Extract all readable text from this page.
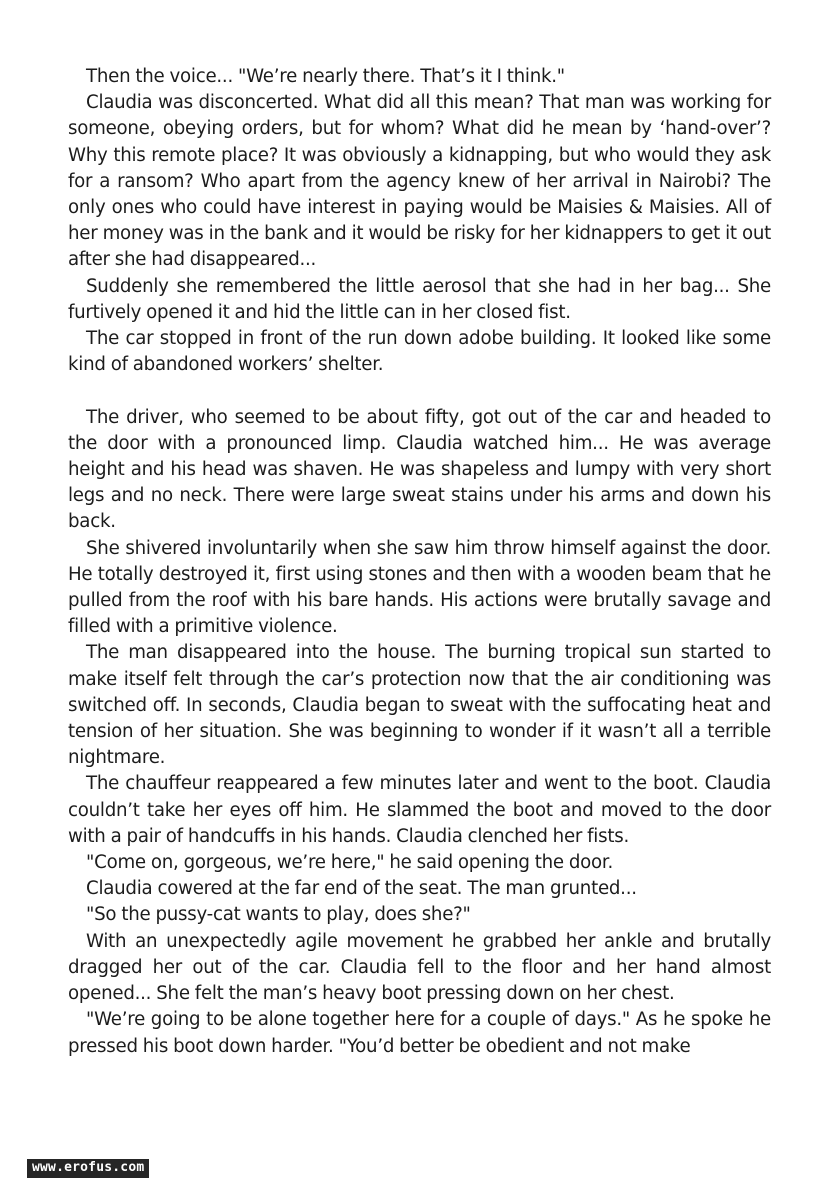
Then the voice... "We’re nearly there. That’s it I think."

Claudia was disconcerted. What did all this mean? That man was working for someone, obeying orders, but for whom? What did he mean by ‘hand-over’? Why this remote place? It was obviously a kidnapping, but who would they ask for a ransom? Who apart from the agency knew of her arrival in Nairobi? The only ones who could have interest in paying would be Maisies & Maisies. All of her money was in the bank and it would be risky for her kidnappers to get it out after she had disappeared...

Suddenly she remembered the little aerosol that she had in her bag... She furtively opened it and hid the little can in her closed fist.

The car stopped in front of the run down adobe building. It looked like some kind of abandoned workers’ shelter.

The driver, who seemed to be about fifty, got out of the car and headed to the door with a pronounced limp. Claudia watched him... He was average height and his head was shaven. He was shapeless and lumpy with very short legs and no neck. There were large sweat stains under his arms and down his back.

She shivered involuntarily when she saw him throw himself against the door. He totally destroyed it, first using stones and then with a wooden beam that he pulled from the roof with his bare hands. His actions were brutally savage and filled with a primitive violence.

The man disappeared into the house. The burning tropical sun started to make itself felt through the car’s protection now that the air conditioning was switched off. In seconds, Claudia began to sweat with the suffocating heat and tension of her situation. She was beginning to wonder if it wasn’t all a terrible nightmare.

The chauffeur reappeared a few minutes later and went to the boot. Claudia couldn’t take her eyes off him. He slammed the boot and moved to the door with a pair of handcuffs in his hands. Claudia clenched her fists.

"Come on, gorgeous, we’re here," he said opening the door.

Claudia cowered at the far end of the seat. The man grunted...

"So the pussy-cat wants to play, does she?"

With an unexpectedly agile movement he grabbed her ankle and brutally dragged her out of the car. Claudia fell to the floor and her hand almost opened... She felt the man’s heavy boot pressing down on her chest.

"We’re going to be alone together here for a couple of days." As he spoke he pressed his boot down harder. "You’d better be obedient and not make

www.erofus.com
